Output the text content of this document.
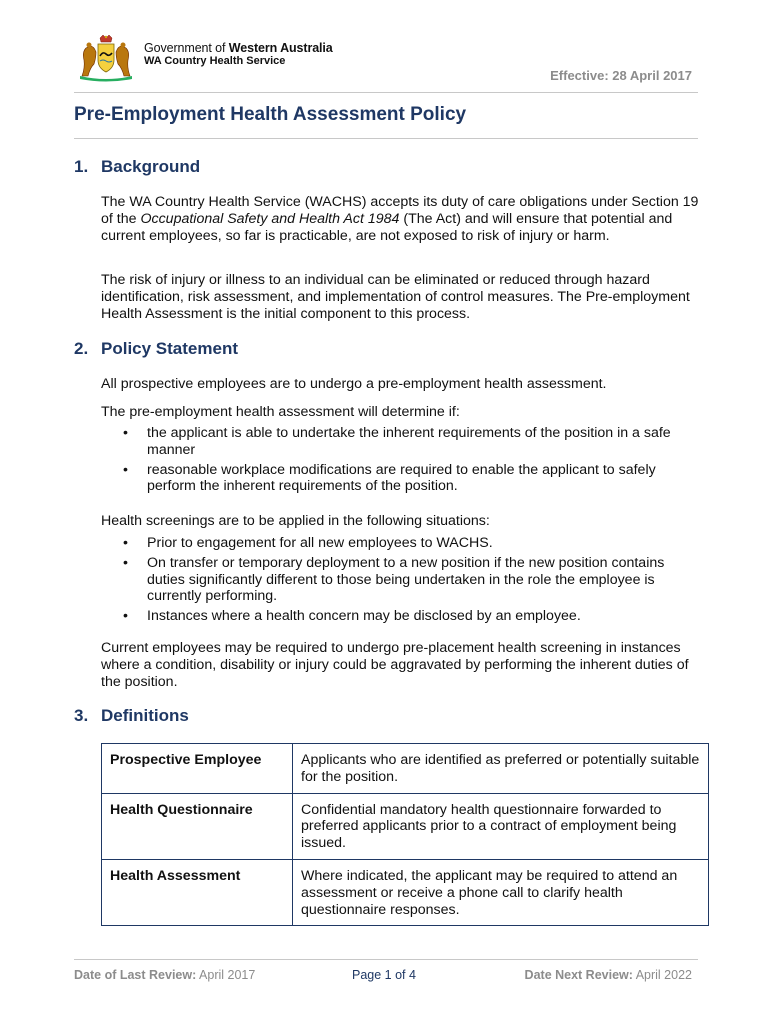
Government of Western Australia
WA Country Health Service
Effective: 28 April 2017
Pre-Employment Health Assessment Policy
1. Background

The WA Country Health Service (WACHS) accepts its duty of care obligations under Section 19 of the Occupational Safety and Health Act 1984 (The Act) and will ensure that potential and current employees, so far is practicable, are not exposed to risk of injury or harm.

The risk of injury or illness to an individual can be eliminated or reduced through hazard identification, risk assessment, and implementation of control measures. The Pre-employment Health Assessment is the initial component to this process.

2. Policy Statement

All prospective employees are to undergo a pre-employment health assessment.

The pre-employment health assessment will determine if:

• the applicant is able to undertake the inherent requirements of the position in a safe manner
• reasonable workplace modifications are required to enable the applicant to safely perform the inherent requirements of the position.

Health screenings are to be applied in the following situations:

• Prior to engagement for all new employees to WACHS.
• On transfer or temporary deployment to a new position if the new position contains duties significantly different to those being undertaken in the role the employee is currently performing.
• Instances where a health concern may be disclosed by an employee.

Current employees may be required to undergo pre-placement health screening in instances where a condition, disability or injury could be aggravated by performing the inherent duties of the position.

3. Definitions
Prospective Employee	Applicants who are identified as preferred or potentially suitable for the position.
Health Questionnaire	Confidential mandatory health questionnaire forwarded to preferred applicants prior to a contract of employment being issued.
Health Assessment	Where indicated, the applicant may be required to attend an assessment or receive a phone call to clarify health questionnaire responses.
Date of Last Review: April 2017	Page 1 of 4	Date Next Review: April 2022
